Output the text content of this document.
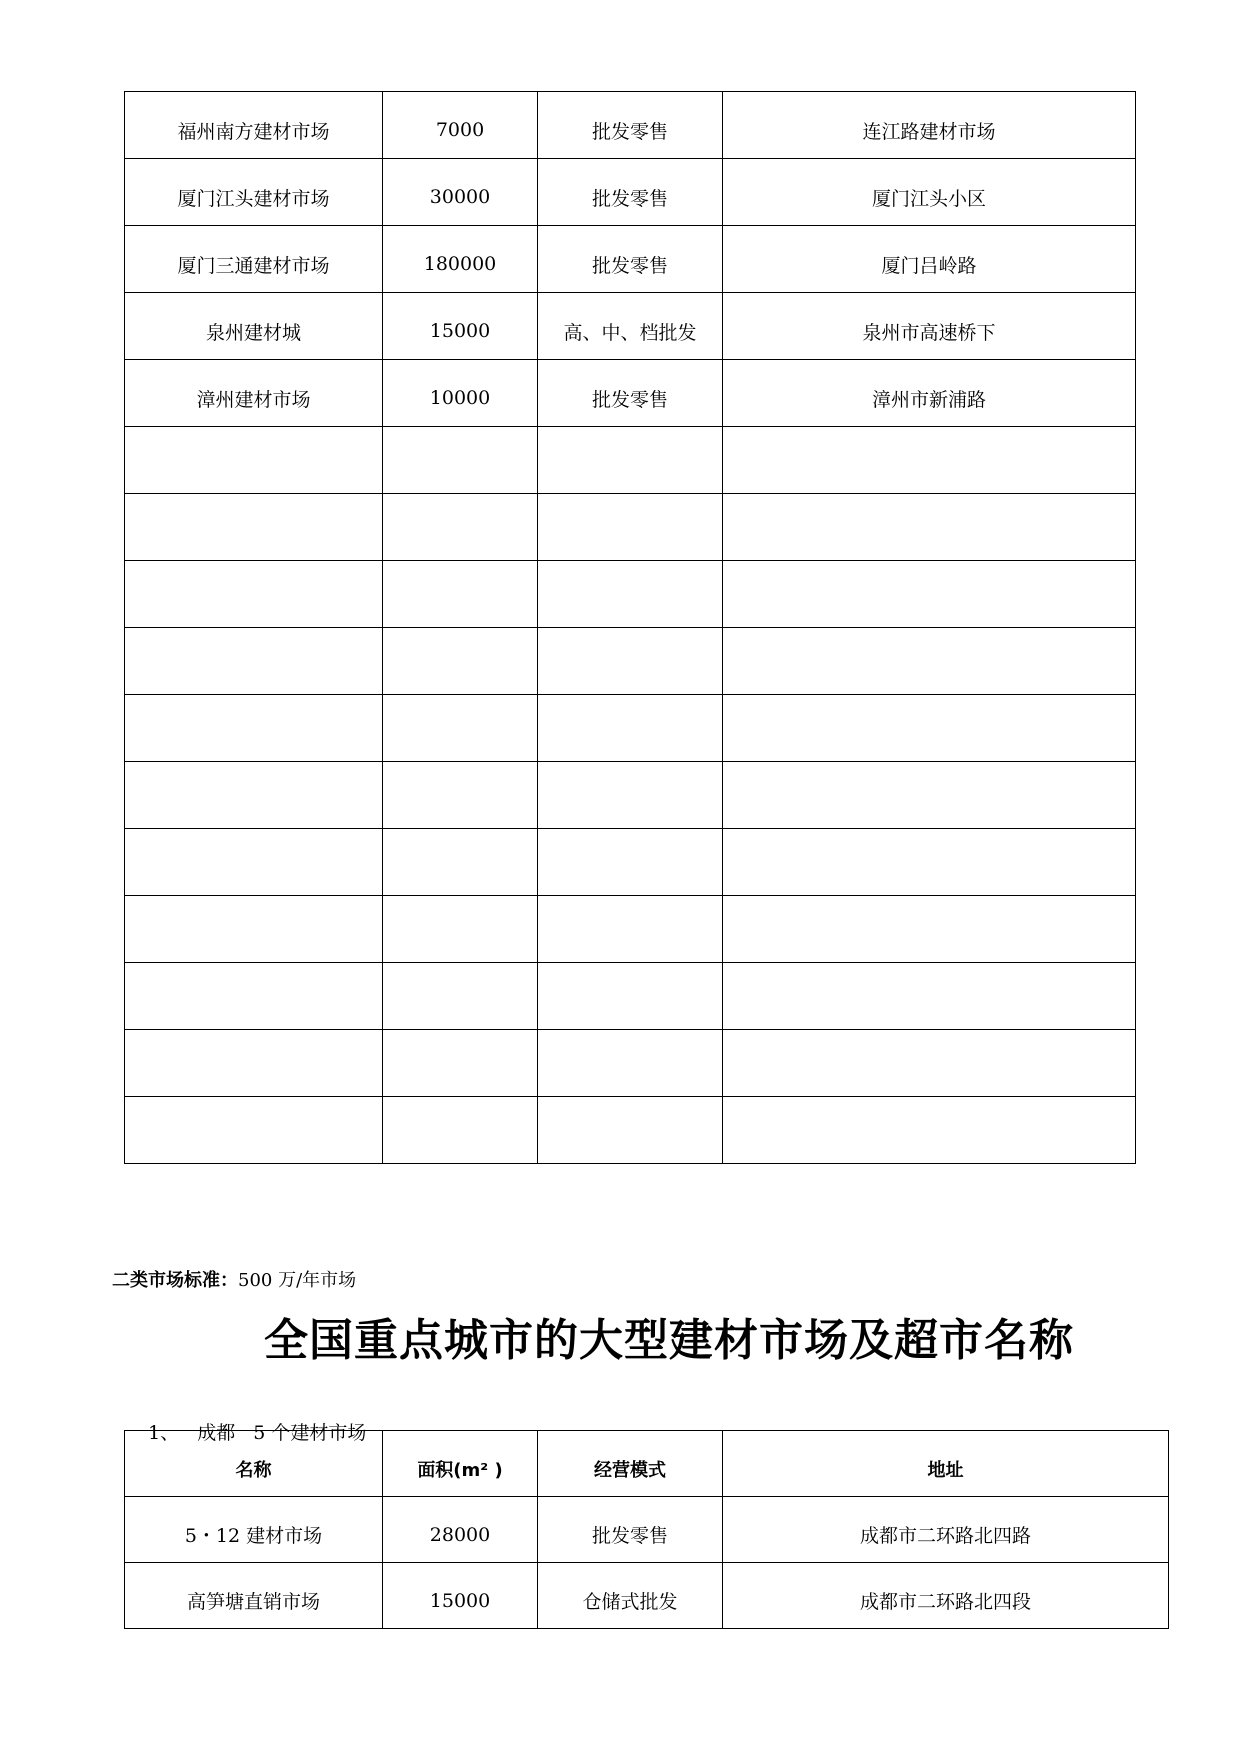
福州南方建材市场	7000	批发零售	连江路建材市场
厦门江头建材市场	30000	批发零售	厦门江头小区
厦门三通建材市场	180000	批发零售	厦门吕岭路
泉州建材城	15000	高、中、档批发	泉州市高速桥下
漳州建材市场	10000	批发零售	漳州市新浦路

二类市场标准：500 万/年市场
全国重点城市的大型建材市场及超市名称

1、 成都 5 个建材市场

名称	面积(m² )	经营模式	地址
5・12 建材市场	28000	批发零售	成都市二环路北四路
高笋塘直销市场	15000	仓储式批发	成都市二环路北四段
